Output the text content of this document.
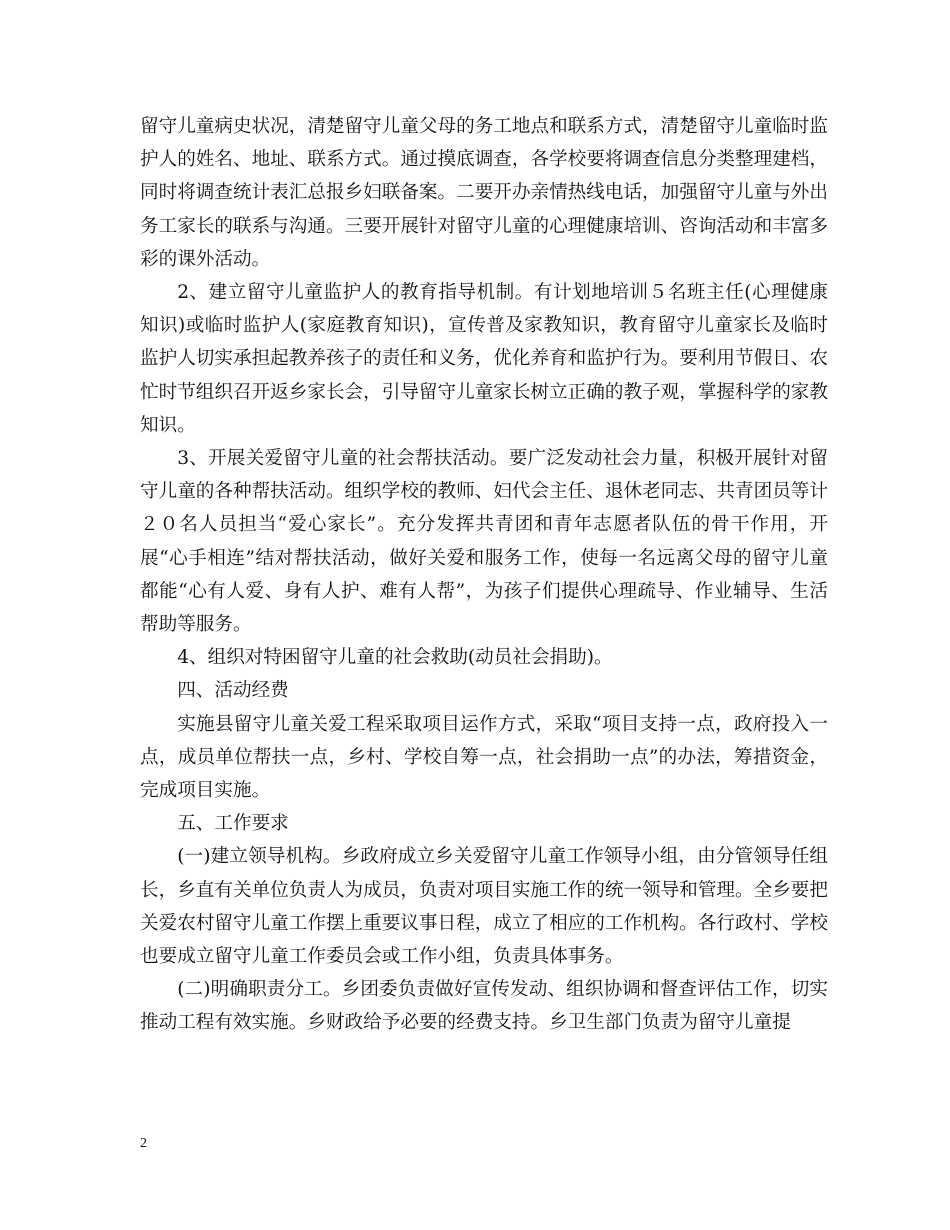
留守儿童病史状况，清楚留守儿童父母的务工地点和联系方式，清楚留守儿童临时监护人的姓名、地址、联系方式。通过摸底调查，各学校要将调查信息分类整理建档，同时将调查统计表汇总报乡妇联备案。二要开办亲情热线电话，加强留守儿童与外出务工家长的联系与沟通。三要开展针对留守儿童的心理健康培训、咨询活动和丰富多彩的课外活动。

2、建立留守儿童监护人的教育指导机制。有计划地培训５名班主任(心理健康知识)或临时监护人(家庭教育知识)，宣传普及家教知识，教育留守儿童家长及临时监护人切实承担起教养孩子的责任和义务，优化养育和监护行为。要利用节假日、农忙时节组织召开返乡家长会，引导留守儿童家长树立正确的教子观，掌握科学的家教知识。

3、开展关爱留守儿童的社会帮扶活动。要广泛发动社会力量，积极开展针对留守儿童的各种帮扶活动。组织学校的教师、妇代会主任、退休老同志、共青团员等计２０名人员担当“爱心家长”。充分发挥共青团和青年志愿者队伍的骨干作用，开展“心手相连”结对帮扶活动，做好关爱和服务工作，使每一名远离父母的留守儿童都能“心有人爱、身有人护、难有人帮”，为孩子们提供心理疏导、作业辅导、生活帮助等服务。

4、组织对特困留守儿童的社会救助(动员社会捐助)。

四、活动经费

实施县留守儿童关爱工程采取项目运作方式，采取“项目支持一点，政府投入一点，成员单位帮扶一点，乡村、学校自筹一点，社会捐助一点”的办法，筹措资金，完成项目实施。

五、工作要求

(一)建立领导机构。乡政府成立乡关爱留守儿童工作领导小组，由分管领导任组长，乡直有关单位负责人为成员，负责对项目实施工作的统一领导和管理。全乡要把关爱农村留守儿童工作摆上重要议事日程，成立了相应的工作机构。各行政村、学校也要成立留守儿童工作委员会或工作小组，负责具体事务。

(二)明确职责分工。乡团委负责做好宣传发动、组织协调和督查评估工作，切实推动工程有效实施。乡财政给予必要的经费支持。乡卫生部门负责为留守儿童提

2
